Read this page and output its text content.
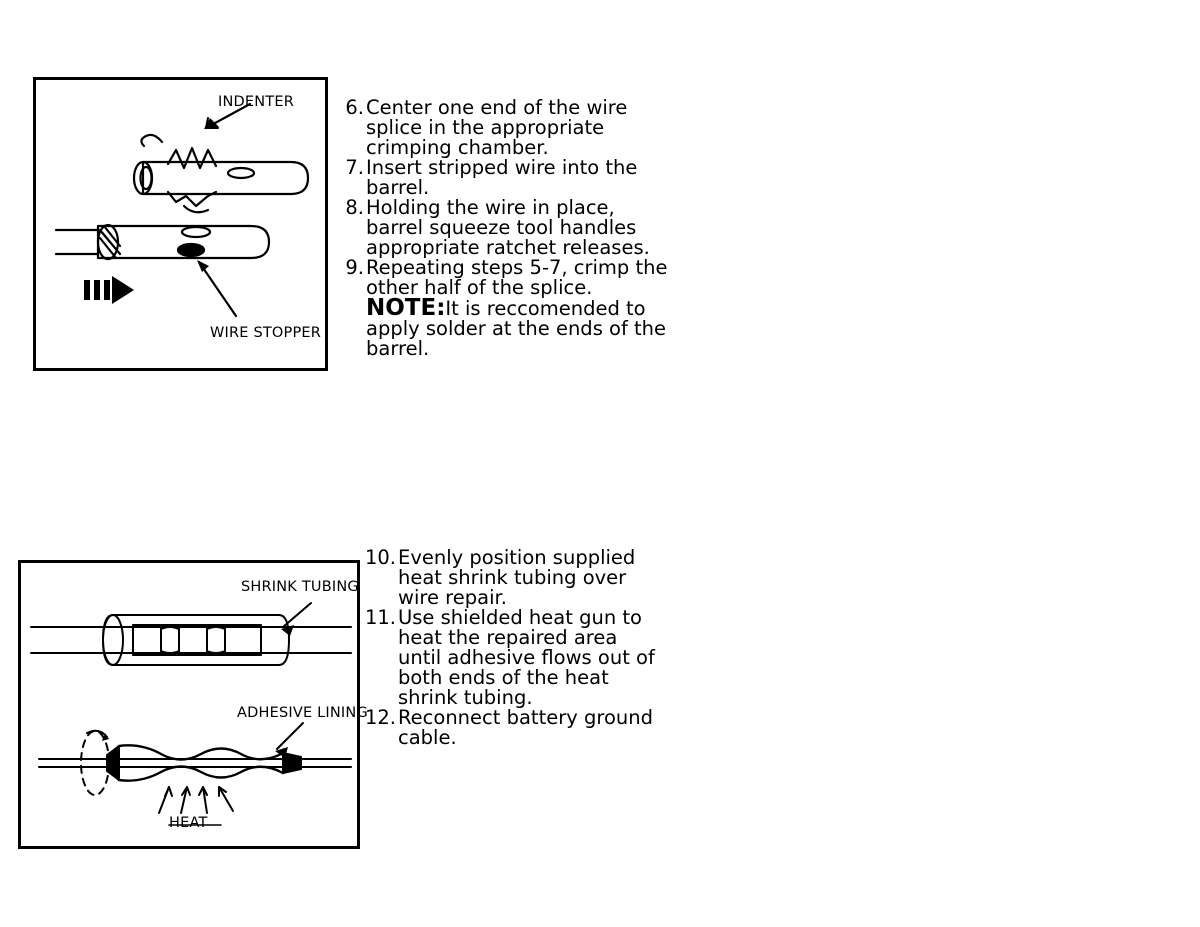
INDENTER
WIRE STOPPER
6. Center one end of the wire splice in the appropriate crimping chamber.
7. Insert stripped wire into the barrel.
8. Holding the wire in place, barrel squeeze tool handles appropriate ratchet releases.
9. Repeating steps 5-7, crimp the other half of the splice.
NOTE:It is reccomended to apply solder at the ends of the barrel.
SHRINK TUBING
ADHESIVE LINING
HEAT
10. Evenly position supplied heat shrink tubing over wire repair.
11. Use shielded heat gun to heat the repaired area until adhesive flows out of both ends of the heat shrink tubing.
12. Reconnect battery ground cable.
